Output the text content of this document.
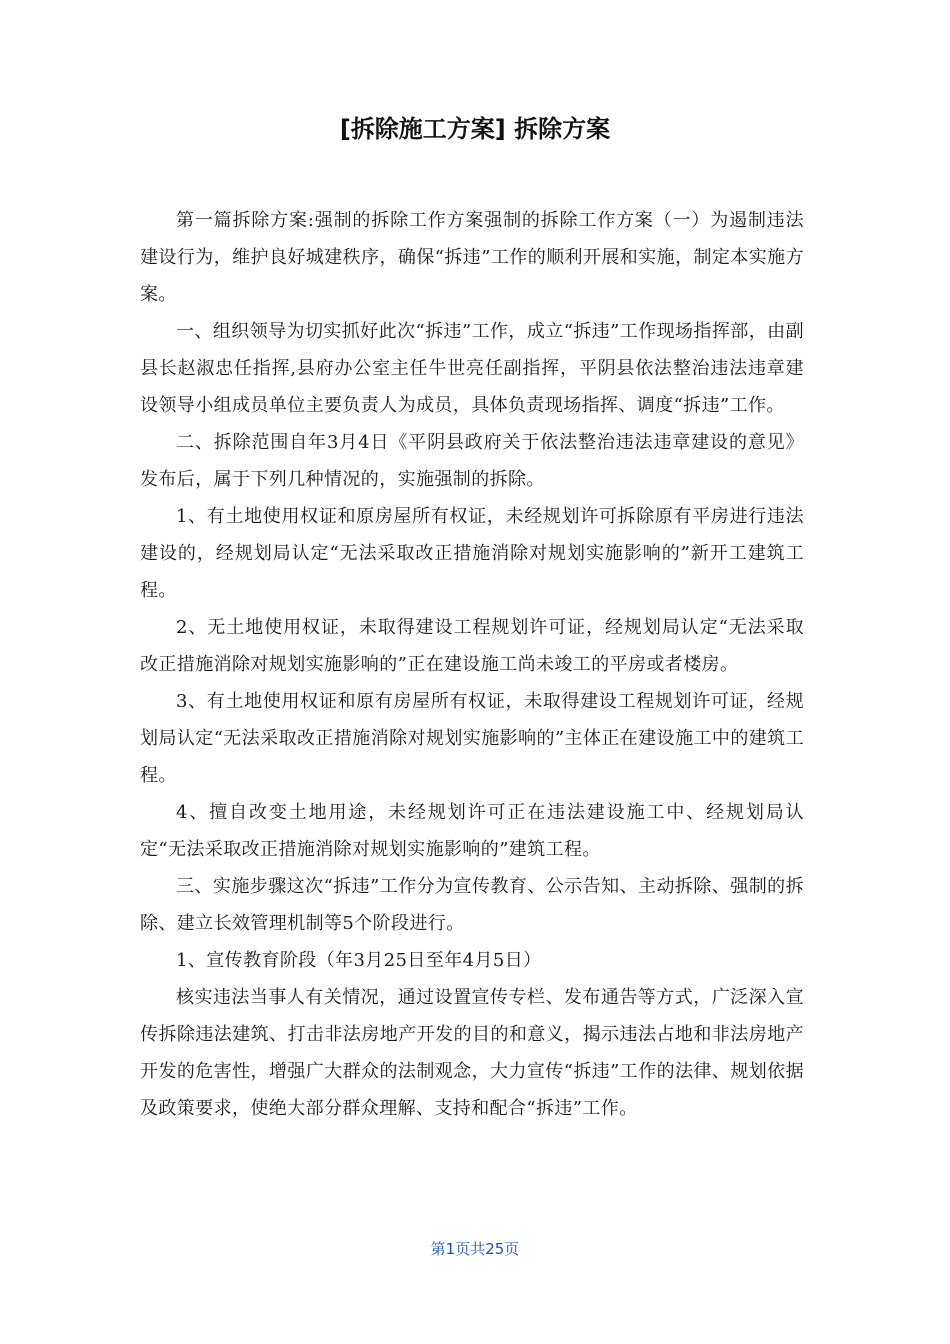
[拆除施工方案] 拆除方案

第一篇拆除方案:强制的拆除工作方案强制的拆除工作方案（一）为遏制违法建设行为，维护良好城建秩序，确保“拆违”工作的顺利开展和实施，制定本实施方案。

一、组织领导为切实抓好此次“拆违”工作，成立“拆违”工作现场指挥部，由副县长赵淑忠任指挥,县府办公室主任牛世亮任副指挥，平阴县依法整治违法违章建设领导小组成员单位主要负责人为成员，具体负责现场指挥、调度“拆违”工作。

二、拆除范围自年3月4日《平阴县政府关于依法整治违法违章建设的意见》发布后，属于下列几种情况的，实施强制的拆除。

1、有土地使用权证和原房屋所有权证，未经规划许可拆除原有平房进行违法建设的，经规划局认定“无法采取改正措施消除对规划实施影响的”新开工建筑工程。

2、无土地使用权证，未取得建设工程规划许可证，经规划局认定“无法采取改正措施消除对规划实施影响的”正在建设施工尚未竣工的平房或者楼房。

3、有土地使用权证和原有房屋所有权证，未取得建设工程规划许可证，经规划局认定“无法采取改正措施消除对规划实施影响的”主体正在建设施工中的建筑工程。

4、擅自改变土地用途，未经规划许可正在违法建设施工中、经规划局认定“无法采取改正措施消除对规划实施影响的”建筑工程。

三、实施步骤这次“拆违”工作分为宣传教育、公示告知、主动拆除、强制的拆除、建立长效管理机制等5个阶段进行。

1、宣传教育阶段（年3月25日至年4月5日）

核实违法当事人有关情况，通过设置宣传专栏、发布通告等方式，广泛深入宣传拆除违法建筑、打击非法房地产开发的目的和意义，揭示违法占地和非法房地产开发的危害性，增强广大群众的法制观念，大力宣传“拆违”工作的法律、规划依据及政策要求，使绝大部分群众理解、支持和配合“拆违”工作。

第1页共25页
